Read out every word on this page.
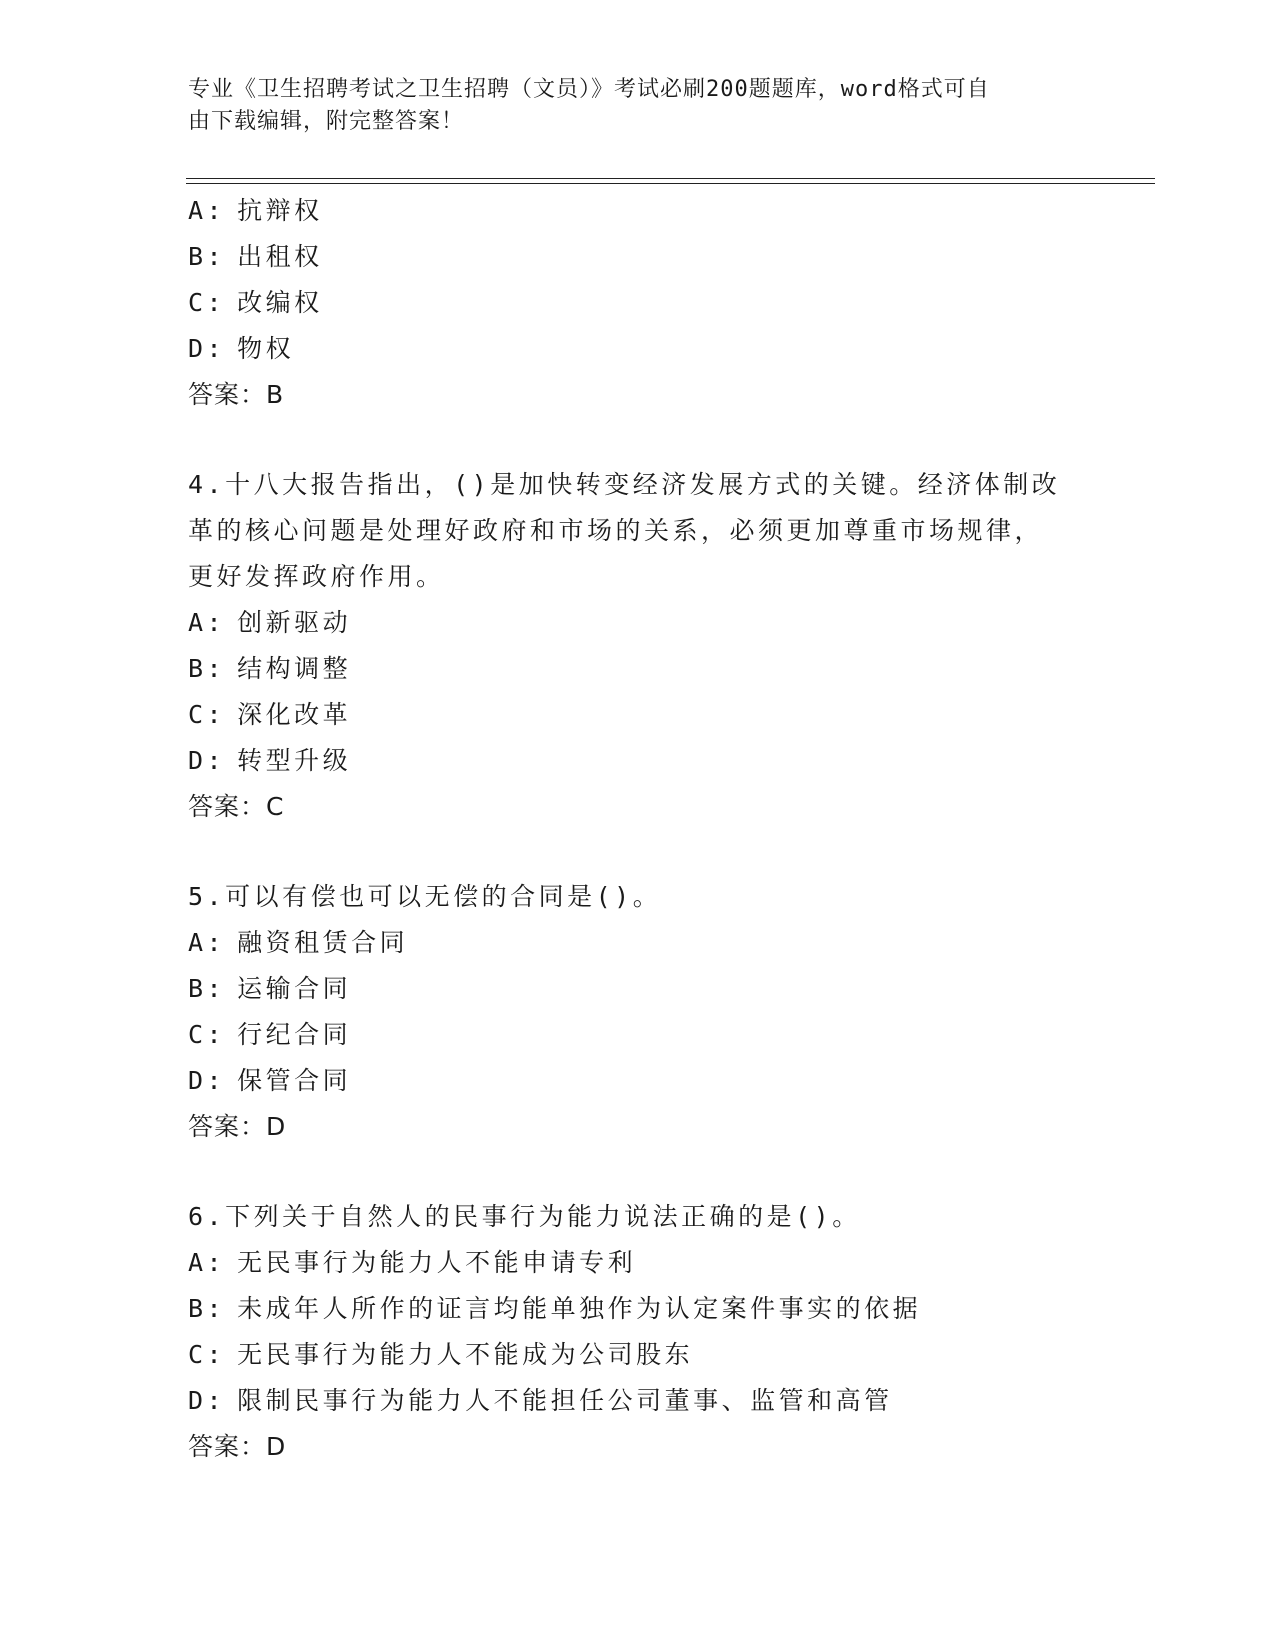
专业《卫生招聘考试之卫生招聘（文员）》考试必刷200题题库，word格式可自
由下载编辑，附完整答案！
A: 抗辩权
B: 出租权
C: 改编权
D: 物权
答案：B
4.十八大报告指出，()是加快转变经济发展方式的关键。经济体制改
革的核心问题是处理好政府和市场的关系，必须更加尊重市场规律，
更好发挥政府作用。
A: 创新驱动
B: 结构调整
C: 深化改革
D: 转型升级
答案：C
5.可以有偿也可以无偿的合同是()。
A: 融资租赁合同
B: 运输合同
C: 行纪合同
D: 保管合同
答案：D
6.下列关于自然人的民事行为能力说法正确的是()。
A: 无民事行为能力人不能申请专利
B: 未成年人所作的证言均能单独作为认定案件事实的依据
C: 无民事行为能力人不能成为公司股东
D: 限制民事行为能力人不能担任公司董事、监管和高管
答案：D
